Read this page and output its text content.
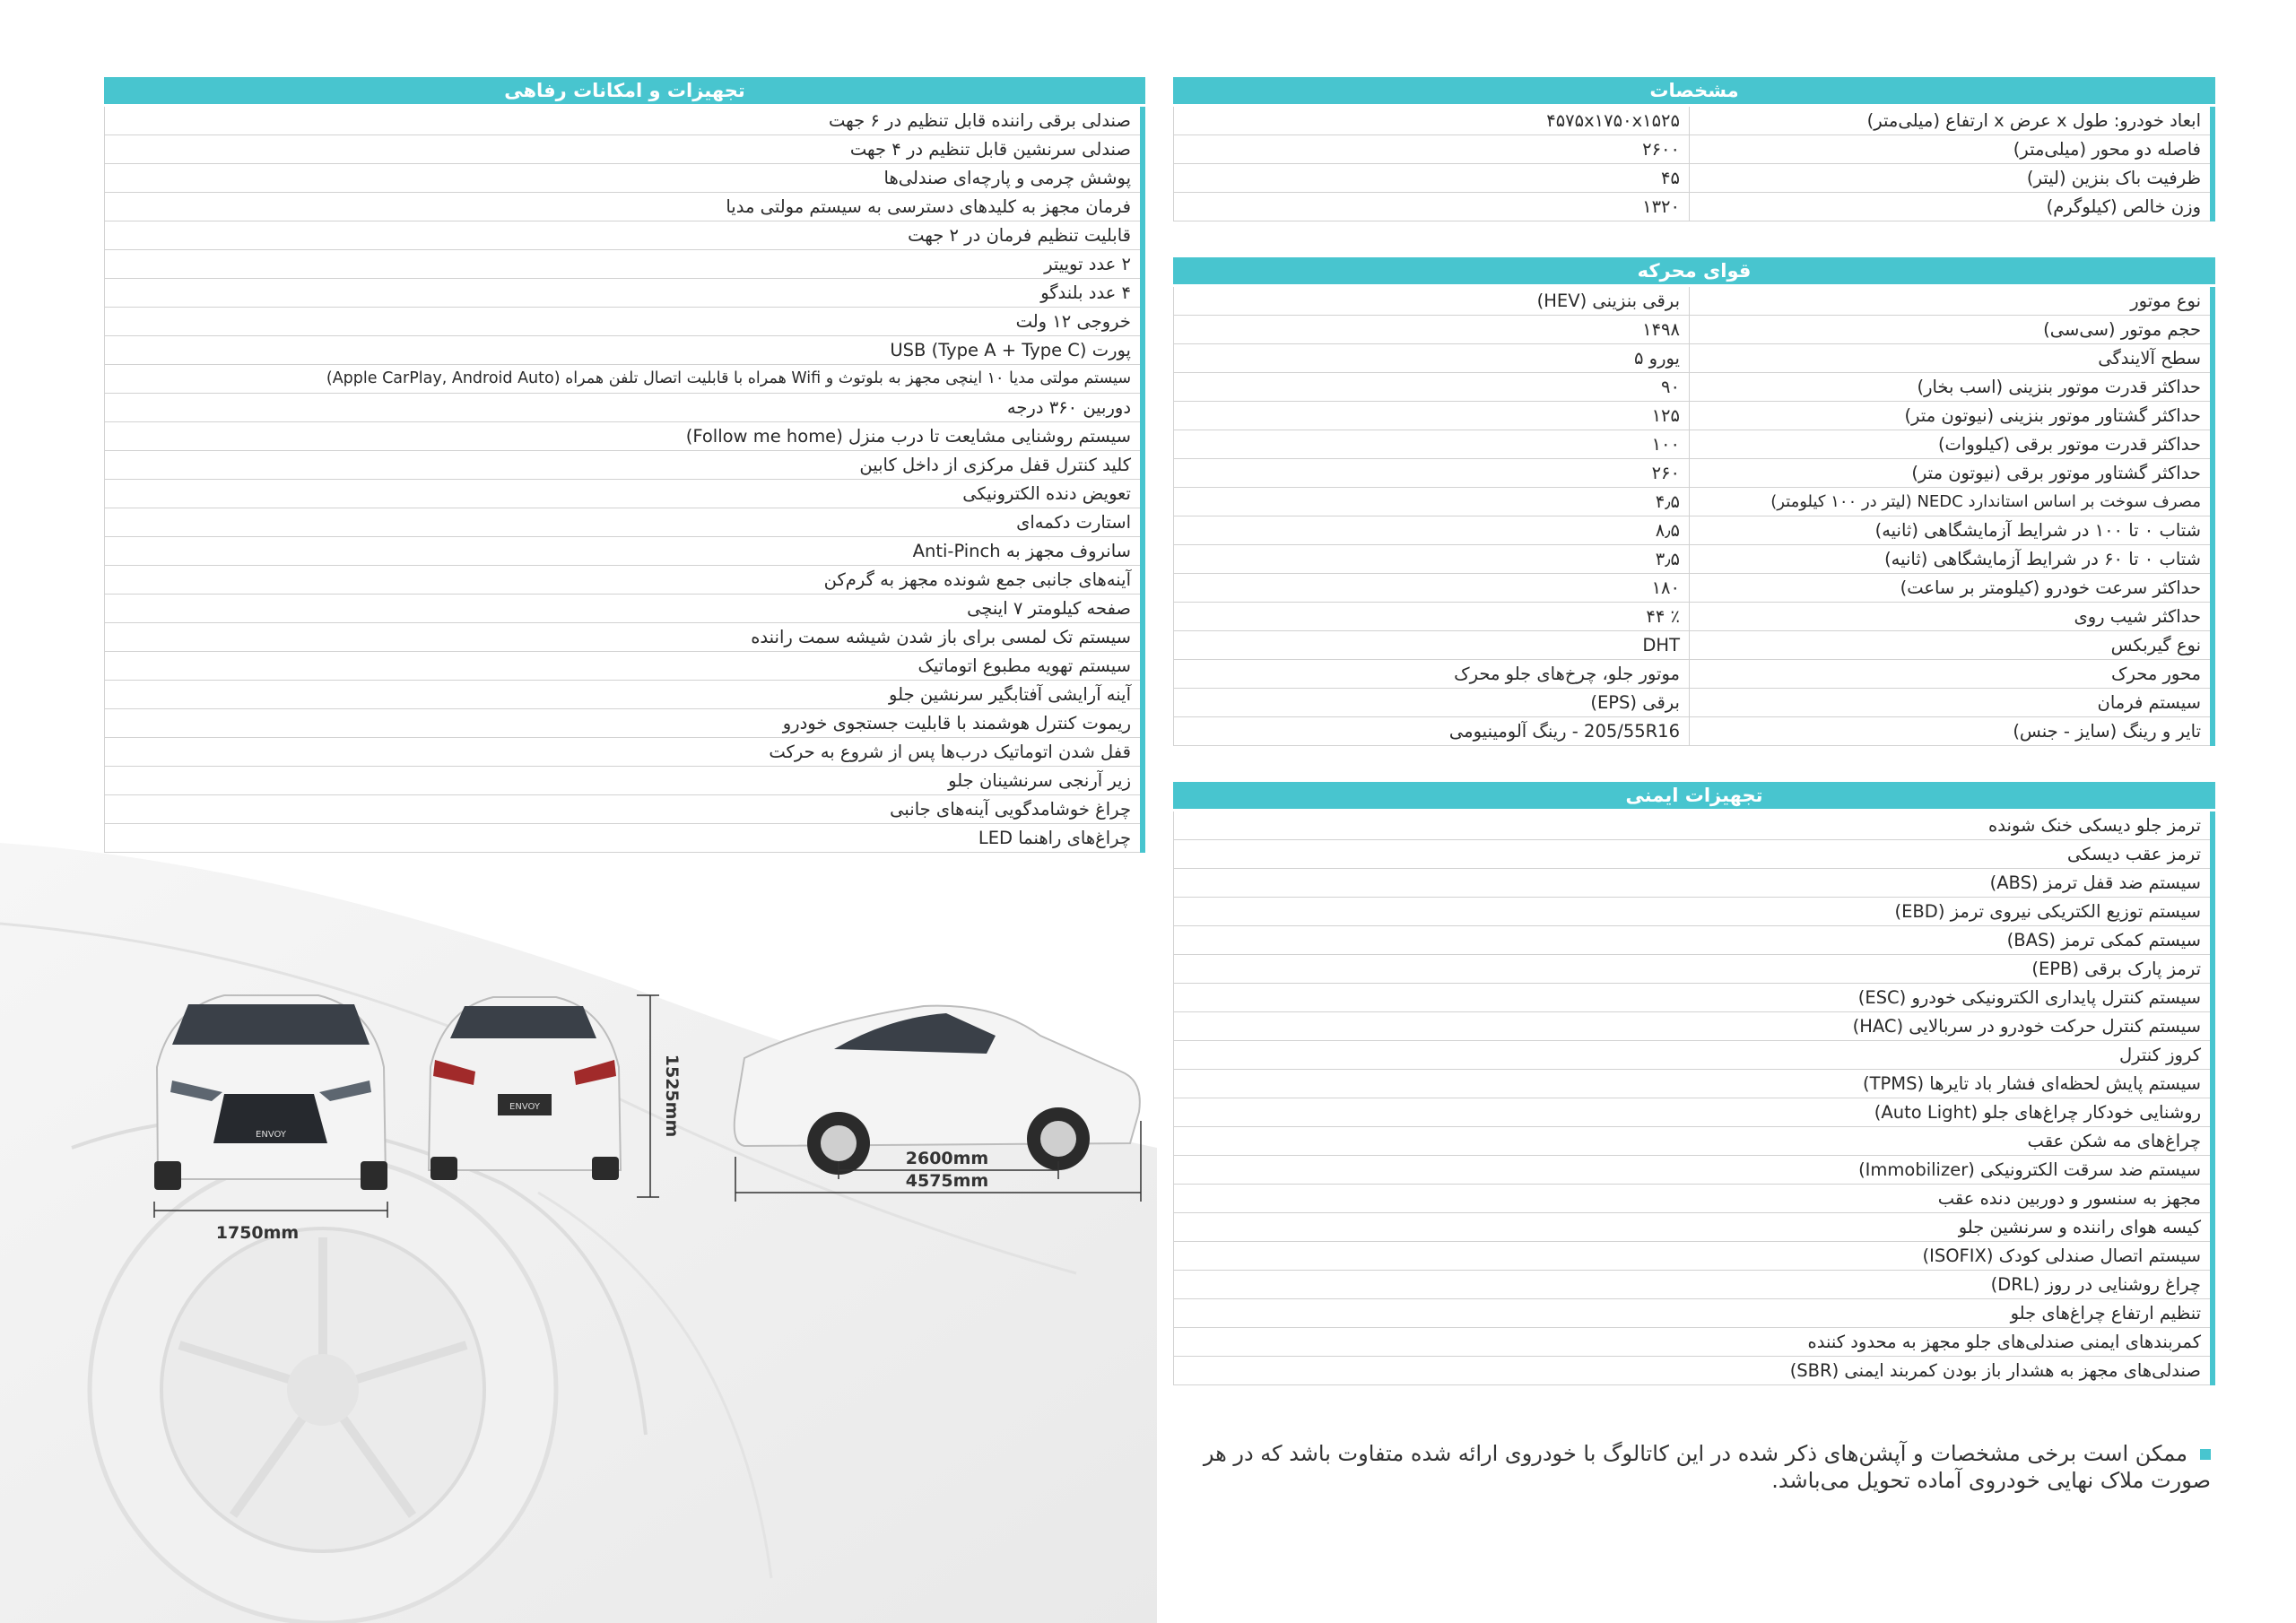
تجهیزات و امکانات رفاهی
صندلی برقی راننده قابل تنظیم در ۶ جهت
صندلی سرنشین قابل تنظیم در ۴ جهت
پوشش چرمی و پارچه‌ای صندلی‌ها
فرمان مجهز به کلیدهای دسترسی به سیستم مولتی مدیا
قابلیت تنظیم فرمان در ۲ جهت
۲ عدد توییتر
۴ عدد بلندگو
خروجی ۱۲ ولت
پورت USB (Type A + Type C)
سیستم مولتی مدیا ۱۰ اینچی مجهز به بلوتوث و Wifi همراه با قابلیت اتصال تلفن همراه (Apple CarPlay, Android Auto)
دوربین ۳۶۰ درجه
سیستم روشنایی مشایعت تا درب منزل (Follow me home)
کلید کنترل قفل مرکزی از داخل کابین
تعویض دنده الکترونیکی
استارت دکمه‌ای
سانروف مجهز به Anti-Pinch
آینه‌های جانبی جمع شونده مجهز به گرم‌کن
صفحه کیلومتر ۷ اینچی
سیستم تک لمسی برای باز شدن شیشه سمت راننده
سیستم تهویه مطبوع اتوماتیک
آینه آرایشی آفتابگیر سرنشین جلو
ریموت کنترل هوشمند با قابلیت جستجوی خودرو
قفل شدن اتوماتیک درب‌ها پس از شروع به حرکت
زیر آرنجی سرنشینان جلو
چراغ خوشامدگویی آینه‌های جانبی
چراغ‌های راهنما LED
مشخصات
۴۵۷۵x۱۷۵۰x۱۵۲۵	ابعاد خودرو: طول x عرض x ارتفاع (میلی‌متر)
۲۶۰۰	فاصله دو محور (میلی‌متر)
۴۵	ظرفیت باک بنزین (لیتر)
۱۳۲۰	وزن خالص (کیلوگرم)
قوای محرکه
برقی بنزینی (HEV)	نوع موتور
۱۴۹۸	حجم موتور (سی‌سی)
یورو ۵	سطح آلایندگی
۹۰	حداکثر قدرت موتور بنزینی (اسب بخار)
۱۲۵	حداکثر گشتاور موتور بنزینی (نیوتون متر)
۱۰۰	حداکثر قدرت موتور برقی (کیلووات)
۲۶۰	حداکثر گشتاور موتور برقی (نیوتون متر)
۴٫۵	مصرف سوخت بر اساس استاندارد NEDC (لیتر در ۱۰۰ کیلومتر)
۸٫۵	شتاب ۰ تا ۱۰۰ در شرایط آزمایشگاهی (ثانیه)
۳٫۵	شتاب ۰ تا ۶۰ در شرایط آزمایشگاهی (ثانیه)
۱۸۰	حداکثر سرعت خودرو (کیلومتر بر ساعت)
٪ ۴۴	حداکثر شیب روی
DHT	نوع گیربکس
موتور جلو، چرخ‌های جلو محرک	محور محرک
برقی (EPS)	سیستم فرمان
205/55R16 - رینگ آلومینیومی	تایر و رینگ (سایز - جنس)
تجهیزات ایمنی
ترمز جلو دیسکی خنک شونده
ترمز عقب دیسکی
سیستم ضد قفل ترمز (ABS)
سیستم توزیع الکتریکی نیروی ترمز (EBD)
سیستم کمکی ترمز (BAS)
ترمز پارک برقی (EPB)
سیستم کنترل پایداری الکترونیکی خودرو (ESC)
سیستم کنترل حرکت خودرو در سربالایی (HAC)
کروز کنترل
سیستم پایش لحظه‌ای فشار باد تایرها (TPMS)
روشنایی خودکار چراغ‌های جلو (Auto Light)
چراغ‌های مه شکن عقب
سیستم ضد سرقت الکترونیکی (Immobilizer)
مجهز به سنسور و دوربین دنده عقب
کیسه هوای راننده و سرنشین جلو
سیستم اتصال صندلی کودک (ISOFIX)
چراغ روشنایی در روز (DRL)
تنظیم ارتفاع چراغ‌های جلو
کمربندهای ایمنی صندلی‌های جلو مجهز به محدود کننده
صندلی‌های مجهز به هشدار باز بودن کمربند ایمنی (SBR)
ممکن است برخی مشخصات و آپشن‌های ذکر شده در این کاتالوگ با خودروی ارائه شده متفاوت باشد که در هر صورت ملاک نهایی خودروی آماده تحویل می‌باشد.
ENVOY
ENVOY
1750mm
1525mm
2600mm
4575mm
